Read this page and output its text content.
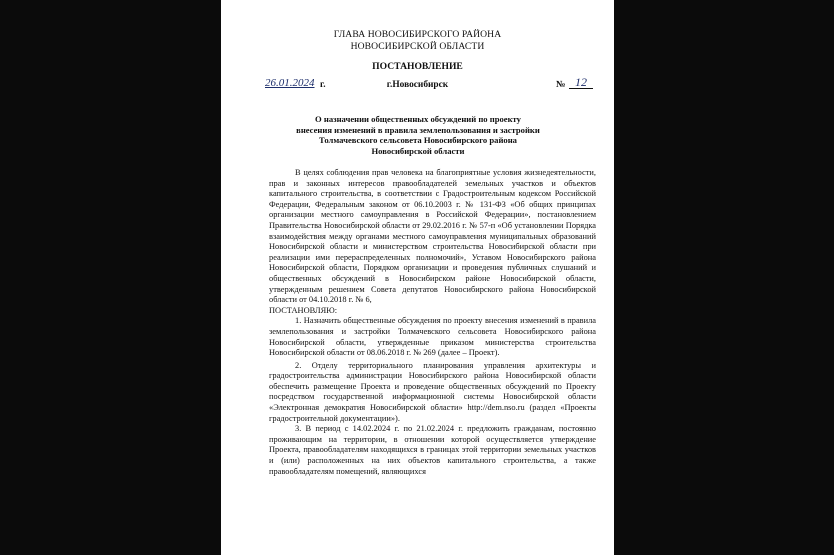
ГЛАВА НОВОСИБИРСКОГО РАЙОНА
НОВОСИБИРСКОЙ ОБЛАСТИ
ПОСТАНОВЛЕНИЕ
26.01.2024 г.	г.Новосибирск	№ 12
О назначении общественных обсуждений по проекту
внесения изменений в правила землепользования и застройки
Толмачевского сельсовета Новосибирского района
Новосибирской области

В целях соблюдения прав человека на благоприятные условия жизнедеятельности, прав и законных интересов правообладателей земельных участков и объектов капитального строительства, в соответствии с Градостроительным кодексом Российской Федерации, Федеральным законом от 06.10.2003 г. № 131-ФЗ «Об общих принципах организации местного самоуправления в Российской Федерации», постановлением Правительства Новосибирской области от 29.02.2016 г. № 57-п «Об установлении Порядка взаимодействия между органами местного самоуправления муниципальных образований Новосибирской области и министерством строительства Новосибирской области при реализации ими перераспределенных полномочий», Уставом Новосибирского района Новосибирской области, Порядком организации и проведения публичных слушаний и общественных обсуждений в Новосибирском районе Новосибирской области, утвержденным решением Совета депутатов Новосибирского района Новосибирской области от 04.10.2018 г. № 6,

ПОСТАНОВЛЯЮ:

1. Назначить общественные обсуждения по проекту внесения изменений в правила землепользования и застройки Толмачевского сельсовета Новосибирского района Новосибирской области, утвержденные приказом министерства строительства Новосибирской области от 08.06.2018 г. № 269 (далее – Проект).

2. Отделу территориального планирования управления архитектуры и градостроительства администрации Новосибирского района Новосибирской области обеспечить размещение Проекта и проведение общественных обсуждений по Проекту посредством государственной информационной системы Новосибирской области «Электронная демократия Новосибирской области» http://dem.nso.ru (раздел «Проекты градостроительной документации»).

3. В период с 14.02.2024 г. по 21.02.2024 г. предложить гражданам, постоянно проживающим на территории, в отношении которой осуществляется утверждение Проекта, правообладателям находящихся в границах этой территории земельных участков и (или) расположенных на них объектов капитального строительства, а также правообладателям помещений, являющихся
